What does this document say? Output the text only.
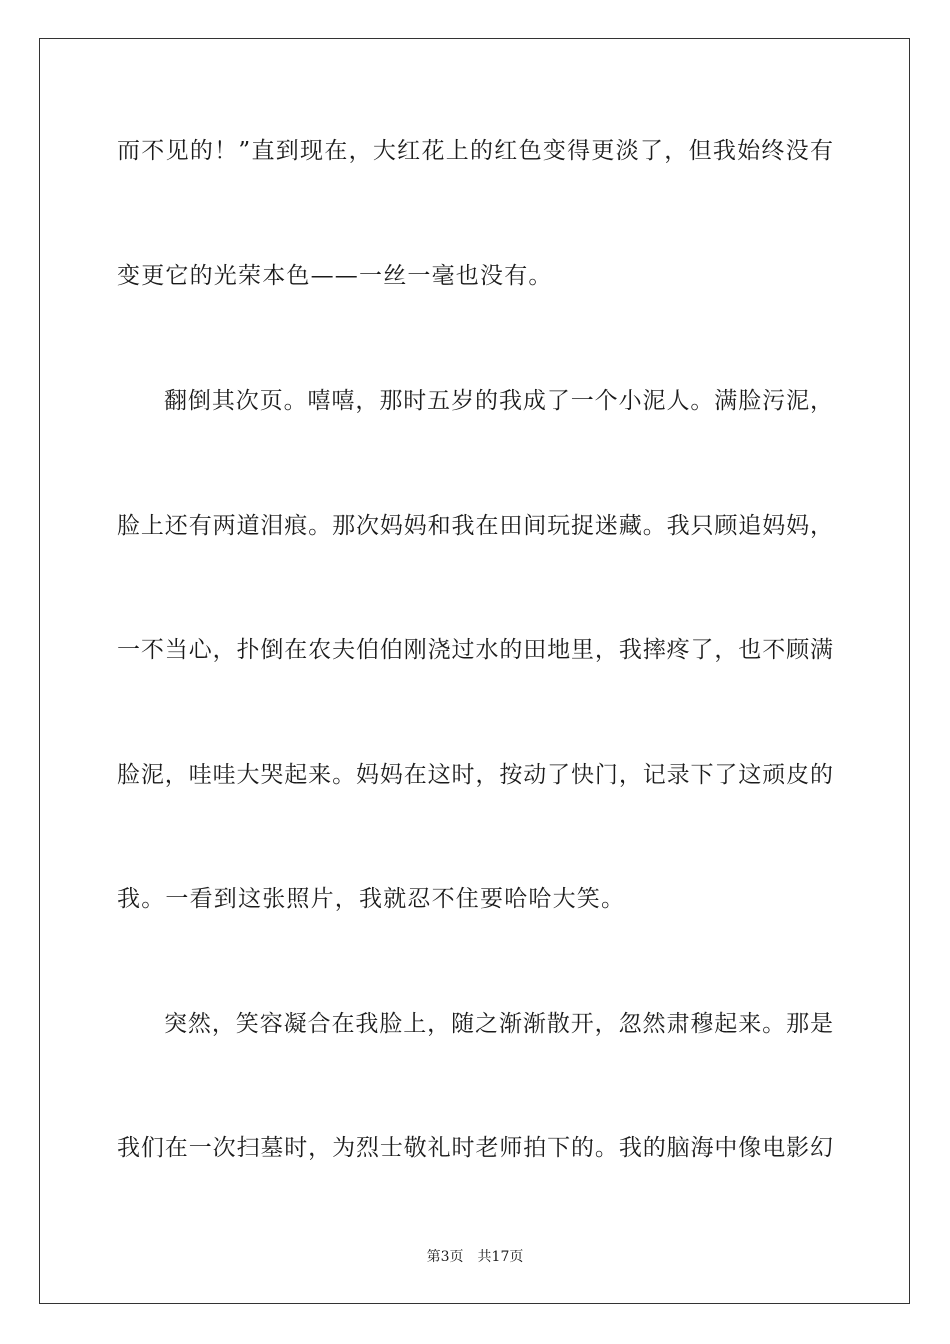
而不见的！”直到现在，大红花上的红色变得更淡了，但我始终没有
变更它的光荣本色——一丝一毫也没有。
翻倒其次页。嘻嘻，那时五岁的我成了一个小泥人。满脸污泥，
脸上还有两道泪痕。那次妈妈和我在田间玩捉迷藏。我只顾追妈妈，
一不当心，扑倒在农夫伯伯刚浇过水的田地里，我摔疼了，也不顾满
脸泥，哇哇大哭起来。妈妈在这时，按动了快门，记录下了这顽皮的
我。一看到这张照片，我就忍不住要哈哈大笑。
突然，笑容凝合在我脸上，随之渐渐散开，忽然肃穆起来。那是
我们在一次扫墓时，为烈士敬礼时老师拍下的。我的脑海中像电影幻
第3页 共17页
